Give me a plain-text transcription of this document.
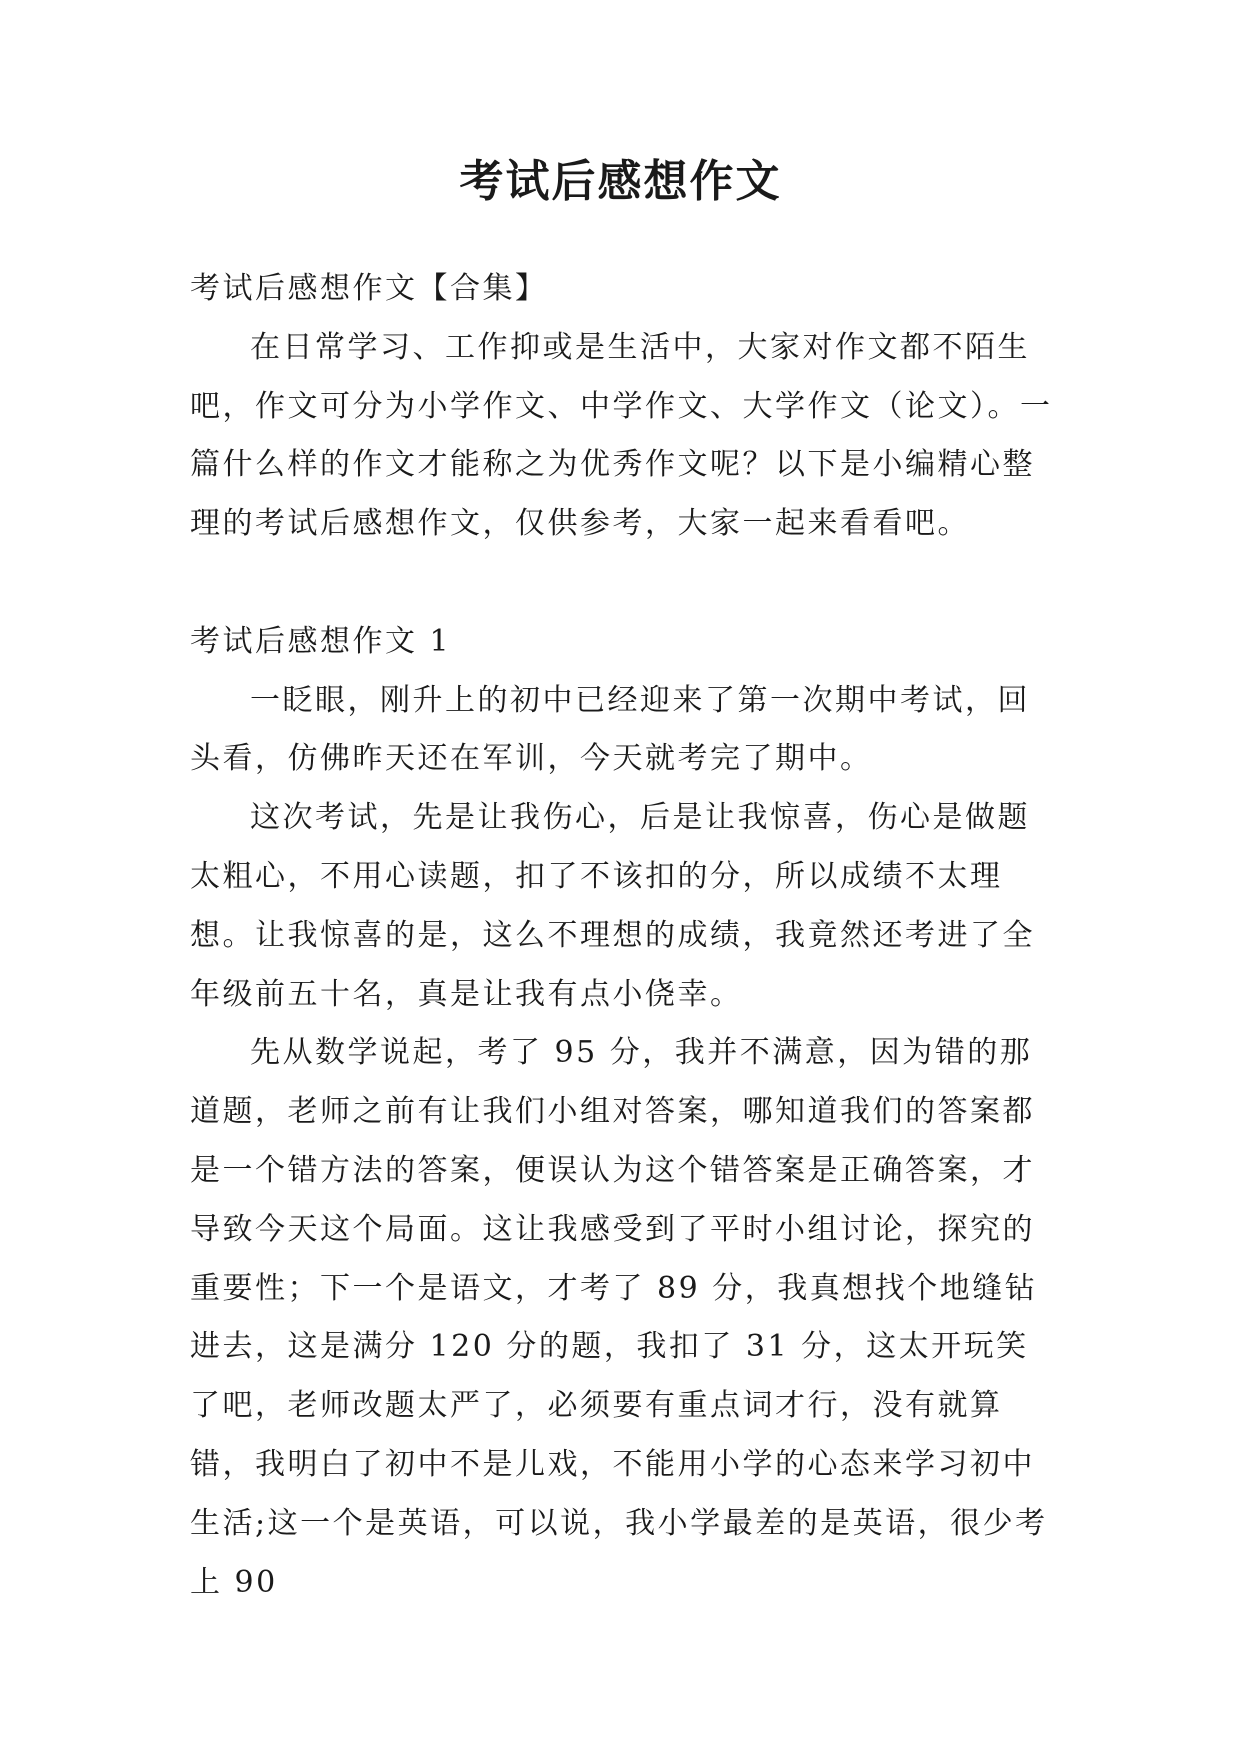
考试后感想作文

考试后感想作文【合集】

在日常学习、工作抑或是生活中，大家对作文都不陌生吧，作文可分为小学作文、中学作文、大学作文（论文）。一篇什么样的作文才能称之为优秀作文呢？以下是小编精心整理的考试后感想作文，仅供参考，大家一起来看看吧。

考试后感想作文 1

一眨眼，刚升上的初中已经迎来了第一次期中考试，回头看，仿佛昨天还在军训，今天就考完了期中。

这次考试，先是让我伤心，后是让我惊喜，伤心是做题太粗心，不用心读题，扣了不该扣的分，所以成绩不太理想。让我惊喜的是，这么不理想的成绩，我竟然还考进了全年级前五十名，真是让我有点小侥幸。

先从数学说起，考了 95 分，我并不满意，因为错的那道题，老师之前有让我们小组对答案，哪知道我们的答案都是一个错方法的答案，便误认为这个错答案是正确答案，才导致今天这个局面。这让我感受到了平时小组讨论，探究的重要性；下一个是语文，才考了 89 分，我真想找个地缝钻进去，这是满分 120 分的题，我扣了 31 分，这太开玩笑了吧，老师改题太严了，必须要有重点词才行，没有就算错，我明白了初中不是儿戏，不能用小学的心态来学习初中生活;这一个是英语，可以说，我小学最差的是英语，很少考上 90
